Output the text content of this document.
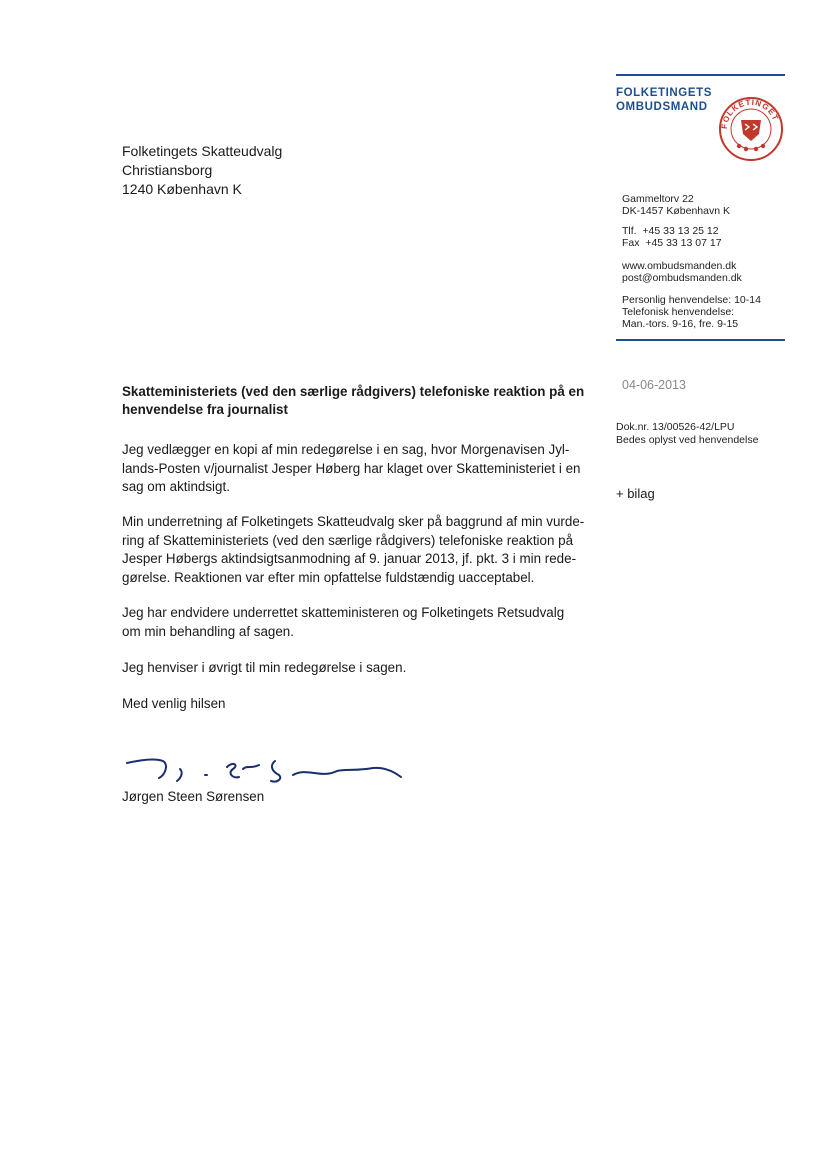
FOLKETINGETS
OMBUDSMAND
FOLKETINGET
Folketingets Skatteudvalg
Christiansborg
1240 København K
Gammeltorv 22
DK-1457 København K
Tlf.  +45 33 13 25 12
Fax  +45 33 13 07 17
www.ombudsmanden.dk
post@ombudsmanden.dk
Personlig henvendelse: 10-14
Telefonisk henvendelse:
Man.-tors. 9-16, fre. 9-15
04-06-2013
Dok.nr. 13/00526-42/LPU
Bedes oplyst ved henvendelse
+ bilag
Skatteministeriets (ved den særlige rådgivers) telefoniske reaktion på en
henvendelse fra journalist
Jeg vedlægger en kopi af min redegørelse i en sag, hvor Morgenavisen Jyl-
lands-Posten v/journalist Jesper Høberg har klaget over Skatteministeriet i en
sag om aktindsigt.
Min underretning af Folketingets Skatteudvalg sker på baggrund af min vurde-
ring af Skatteministeriets (ved den særlige rådgivers) telefoniske reaktion på
Jesper Høbergs aktindsigtsanmodning af 9. januar 2013, jf. pkt. 3 i min rede-
gørelse. Reaktionen var efter min opfattelse fuldstændig uacceptabel.
Jeg har endvidere underrettet skatteministeren og Folketingets Retsudvalg
om min behandling af sagen.
Jeg henviser i øvrigt til min redegørelse i sagen.
Med venlig hilsen
Jørgen Steen Sørensen
